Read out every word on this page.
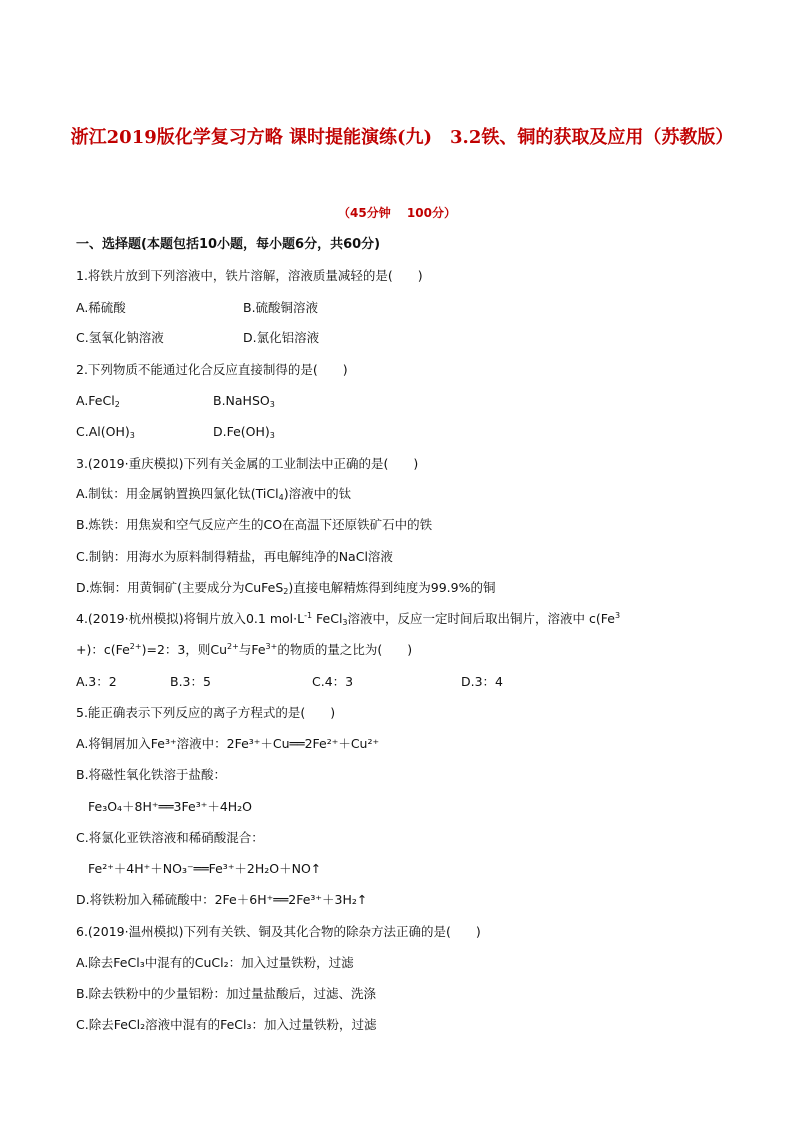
浙江2019版化学复习方略 课时提能演练(九)　3.2铁、铜的获取及应用（苏教版）
（45分钟　 100分）
一、选择题(本题包括10小题，每小题6分，共60分)
1.将铁片放到下列溶液中，铁片溶解，溶液质量减轻的是(　　)
A.稀硫酸	B.硫酸铜溶液
C.氢氧化钠溶液	D.氯化铝溶液
2.下列物质不能通过化合反应直接制得的是(　　)
A.FeCl$_2$	B.NaHSO$_3$
$C.Al(OH)_3$	$D.Fe(OH)_3$
3.(2019·重庆模拟)下列有关金属的工业制法中正确的是(　　)
A.制钛：用金属钠置换四氯化钛(TiCl$_4$)溶液中的钛
B.炼铁：用焦炭和空气反应产生的CO在高温下还原铁矿石中的铁
C.制钠：用海水为原料制得精盐，再电解纯净的NaCl溶液
D.炼铜：用黄铜矿(主要成分为CuFeS$_2$)直接电解精炼得到纯度为99.9%的铜
4.(2019·杭州模拟)将铜片放入0.1 $mol\cdot L^{-1}$ FeCl$_3$溶液中，反应一定时间后取出铜片，溶液中 $c(Fe^3$
+)：$c(Fe^{2+})=2$：3，则$Cu^{2+}$与$Fe^{3+}$的物质的量之比为(　　)
A.3：2	B.3：5	C.4：3	D.3：4
5.能正确表示下列反应的离子方程式的是(　　)
A.将铜屑加入Fe³⁺溶液中：2Fe³⁺＋Cu══2Fe²⁺＋Cu²⁺
B.将磁性氧化铁溶于盐酸：
Fe₃O₄＋8H⁺══3Fe³⁺＋4H₂O
C.将氯化亚铁溶液和稀硝酸混合：
Fe²⁺＋4H⁺＋NO₃⁻══Fe³⁺＋2H₂O＋NO↑
D.将铁粉加入稀硫酸中：2Fe＋6H⁺══2Fe³⁺＋3H₂↑
6.(2019·温州模拟)下列有关铁、铜及其化合物的除杂方法正确的是(　　)
A.除去FeCl₃中混有的CuCl₂：加入过量铁粉，过滤
B.除去铁粉中的少量铝粉：加过量盐酸后，过滤、洗涤
C.除去FeCl₂溶液中混有的FeCl₃：加入过量铁粉，过滤
